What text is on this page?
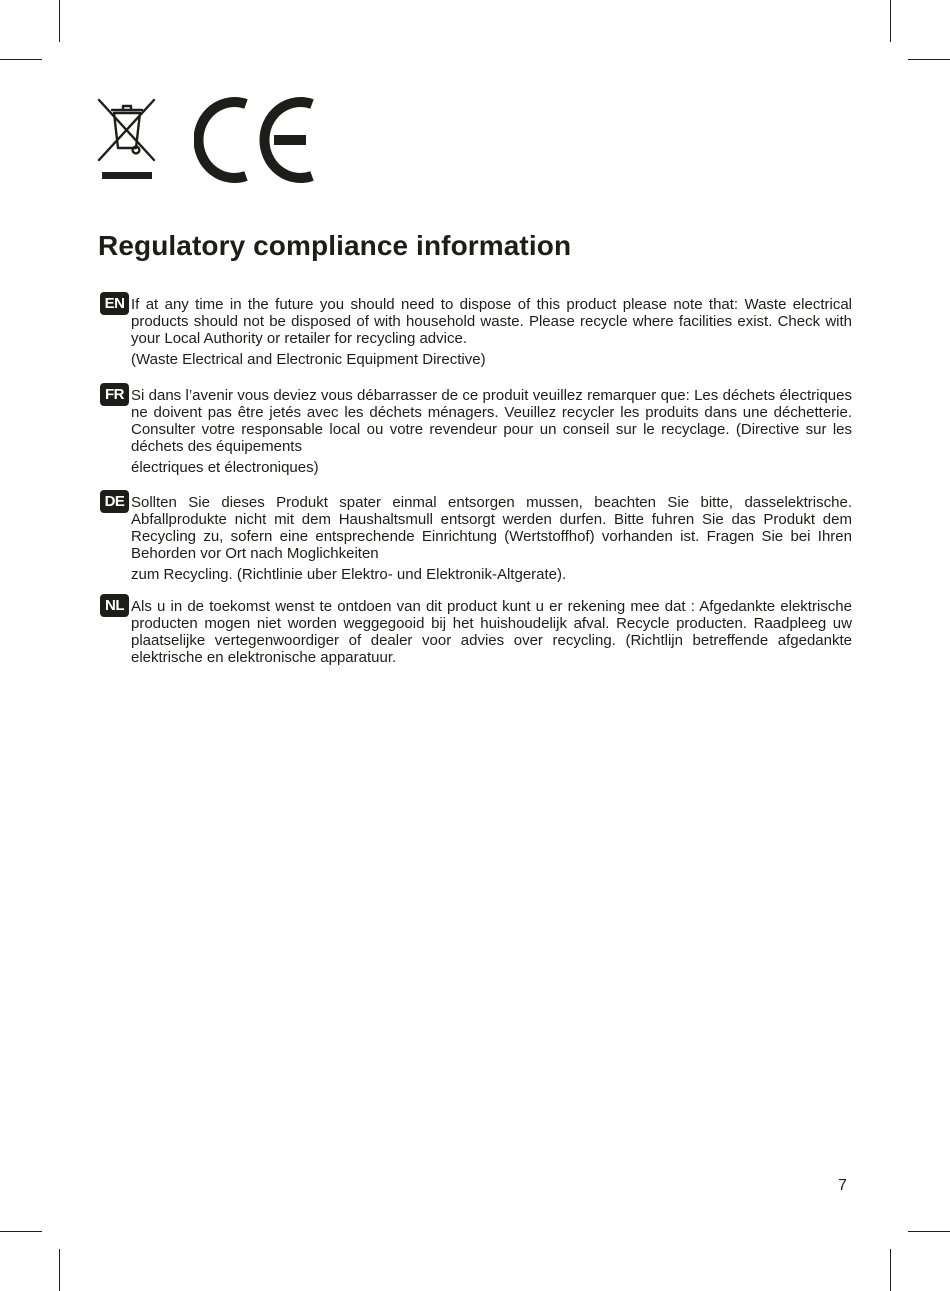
Regulatory compliance information
EN If at any time in the future you should need to dispose of this product please note that: Waste electrical products should not be disposed of with household waste. Please recycle where facilities exist. Check with your Local Authority or retailer for recycling advice.

(Waste Electrical and Electronic Equipment Directive)

FR Si dans l’avenir vous deviez vous débarrasser de ce produit veuillez remarquer que: Les déchets électriques ne doivent pas être jetés avec les déchets ménagers. Veuillez recycler les produits dans une déchetterie. Consulter votre responsable local ou votre revendeur pour un conseil sur le recyclage. (Directive sur les déchets des équipements

électriques et électroniques)

DE Sollten Sie dieses Produkt spater einmal entsorgen mussen, beachten Sie bitte, dasselektrische. Abfallprodukte nicht mit dem Haushaltsmull entsorgt werden durfen. Bitte fuhren Sie das Produkt dem Recycling zu, sofern eine entsprechende Einrichtung (Wertstoffhof) vorhanden ist. Fragen Sie bei Ihren Behorden vor Ort nach Moglichkeiten

zum Recycling. (Richtlinie uber Elektro- und Elektronik-Altgerate).

NL Als u in de toekomst wenst te ontdoen van dit product kunt u er rekening mee dat : Afgedankte elektrische producten mogen niet worden weggegooid bij het huishoudelijk afval. Recycle producten. Raadpleeg uw plaatselijke vertegenwoordiger of dealer voor advies over recycling. (Richtlijn betreffende afgedankte elektrische en elektronische apparatuur.

7
